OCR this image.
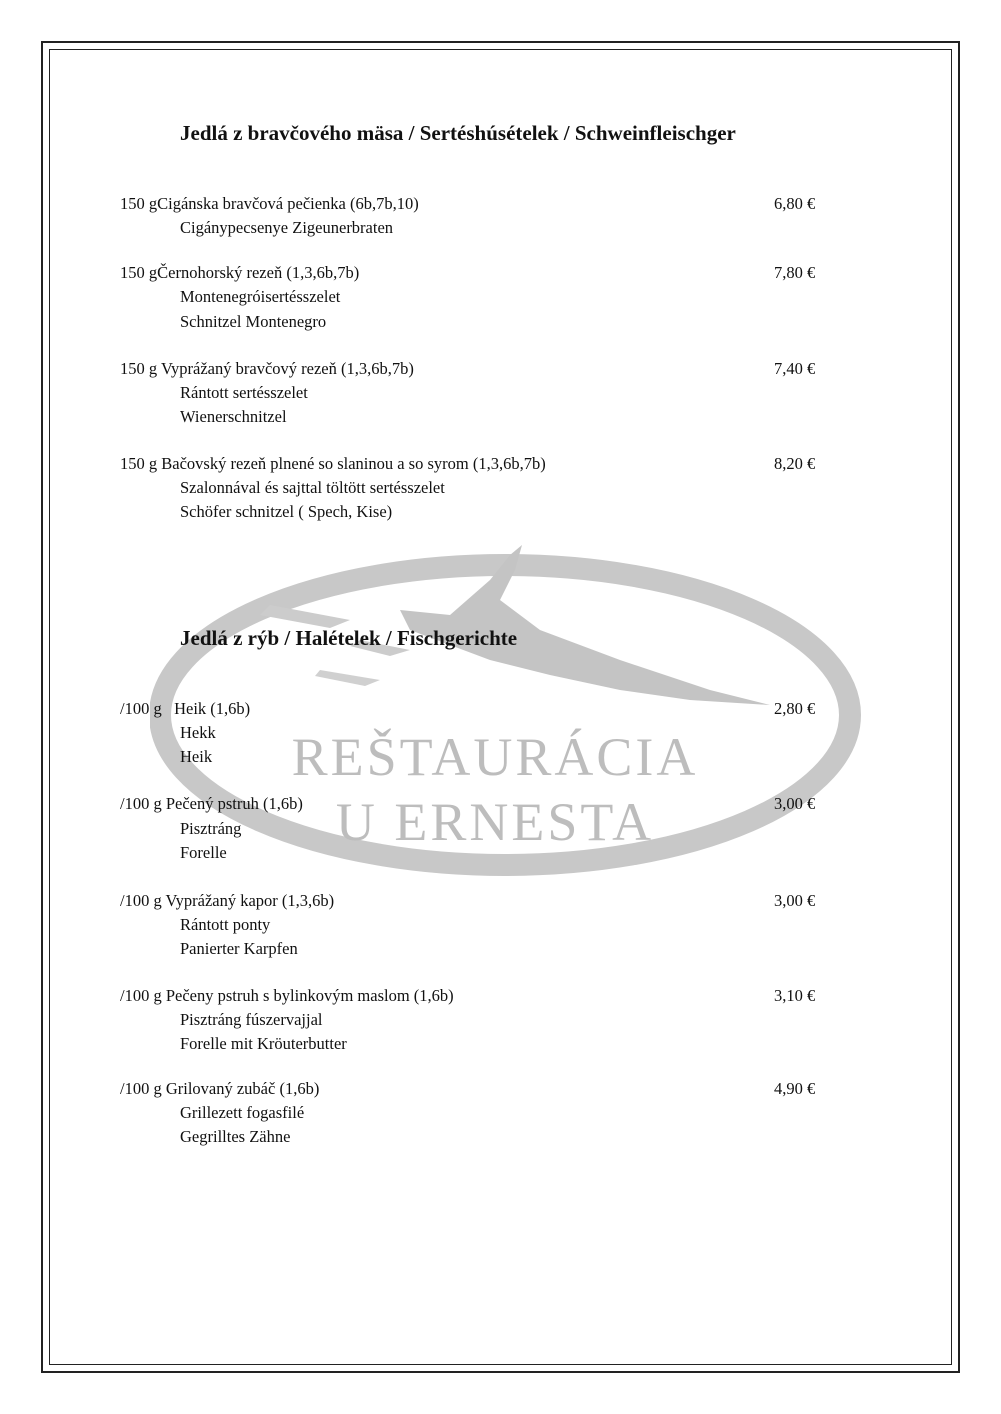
REŠTAURÁCIA
U ERNESTA
Jedlá z bravčového mäsa / Sertéshúsételek / Schweinfleischger
150 gCigánska bravčová pečienka (6b,7b,10)	6,80 €
Cigánypecsenye Zigeunerbraten
150 gČernohorský rezeň (1,3,6b,7b)	7,80 €
Montenegróisertésszelet
Schnitzel Montenegro
150 g Vyprážaný bravčový rezeň (1,3,6b,7b)	7,40 €
Rántott sertésszelet
Wienerschnitzel
150 g Bačovský rezeň plnené so slaninou a so syrom (1,3,6b,7b)	8,20 €
Szalonnával és sajttal töltött sertésszelet
Schöfer schnitzel ( Spech, Kise)
Jedlá z rýb / Halételek / Fischgerichte
/100 g   Heik (1,6b)	2,80 €
Hekk
Heik
/100 g Pečený pstruh (1,6b)	3,00 €
Pisztráng
Forelle
/100 g Vyprážaný kapor (1,3,6b)	3,00 €
Rántott ponty
Panierter Karpfen
/100 g Pečeny pstruh s bylinkovým maslom (1,6b)	3,10 €
Pisztráng fúszervajjal
Forelle mit Kröuterbutter
/100 g Grilovaný zubáč (1,6b)	4,90 €
Grillezett fogasfilé
Gegrilltes Zähne
